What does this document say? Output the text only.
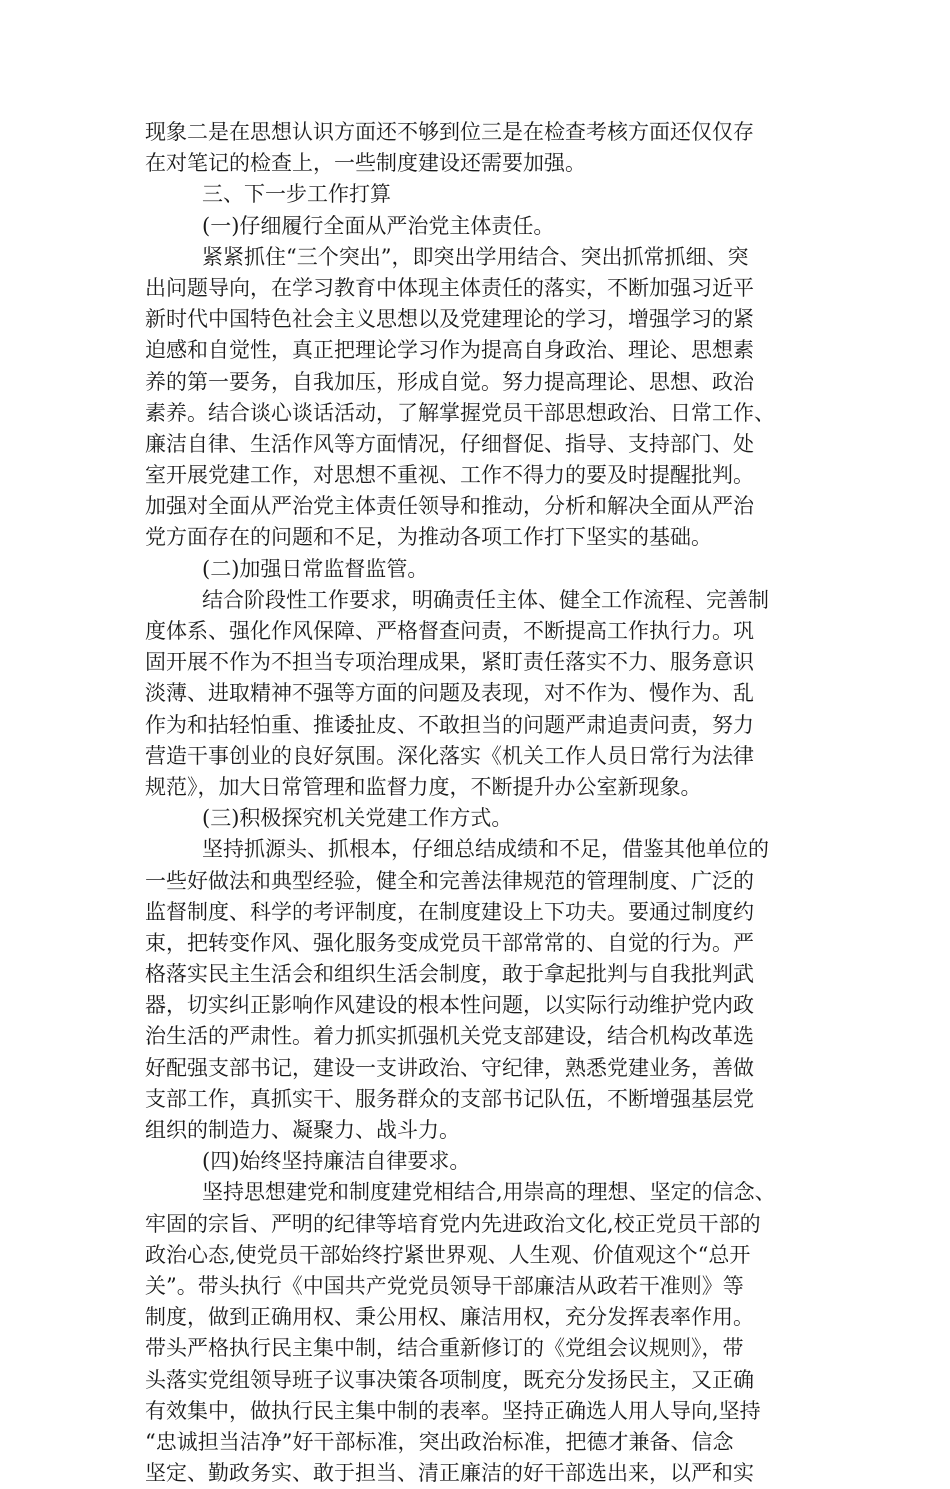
现象二是在思想认识方面还不够到位三是在检查考核方面还仅仅存
在对笔记的检查上，一些制度建设还需要加强。
三、下一步工作打算
(一)仔细履行全面从严治党主体责任。
紧紧抓住“三个突出”，即突出学用结合、突出抓常抓细、突
出问题导向，在学习教育中体现主体责任的落实，不断加强习近平
新时代中国特色社会主义思想以及党建理论的学习，增强学习的紧
迫感和自觉性，真正把理论学习作为提高自身政治、理论、思想素
养的第一要务，自我加压，形成自觉。努力提高理论、思想、政治
素养。结合谈心谈话活动，了解掌握党员干部思想政治、日常工作、
廉洁自律、生活作风等方面情况，仔细督促、指导、支持部门、处
室开展党建工作，对思想不重视、工作不得力的要及时提醒批判。
加强对全面从严治党主体责任领导和推动，分析和解决全面从严治
党方面存在的问题和不足，为推动各项工作打下坚实的基础。
(二)加强日常监督监管。
结合阶段性工作要求，明确责任主体、健全工作流程、完善制
度体系、强化作风保障、严格督查问责，不断提高工作执行力。巩
固开展不作为不担当专项治理成果，紧盯责任落实不力、服务意识
淡薄、进取精神不强等方面的问题及表现，对不作为、慢作为、乱
作为和拈轻怕重、推诿扯皮、不敢担当的问题严肃追责问责，努力
营造干事创业的良好氛围。深化落实《机关工作人员日常行为法律
规范》，加大日常管理和监督力度，不断提升办公室新现象。
(三)积极探究机关党建工作方式。
坚持抓源头、抓根本，仔细总结成绩和不足，借鉴其他单位的
一些好做法和典型经验，健全和完善法律规范的管理制度、广泛的
监督制度、科学的考评制度，在制度建设上下功夫。要通过制度约
束，把转变作风、强化服务变成党员干部常常的、自觉的行为。严
格落实民主生活会和组织生活会制度，敢于拿起批判与自我批判武
器，切实纠正影响作风建设的根本性问题，以实际行动维护党内政
治生活的严肃性。着力抓实抓强机关党支部建设，结合机构改革选
好配强支部书记，建设一支讲政治、守纪律，熟悉党建业务，善做
支部工作，真抓实干、服务群众的支部书记队伍，不断增强基层党
组织的制造力、凝聚力、战斗力。
(四)始终坚持廉洁自律要求。
坚持思想建党和制度建党相结合,用崇高的理想、坚定的信念、
牢固的宗旨、严明的纪律等培育党内先进政治文化,校正党员干部的
政治心态,使党员干部始终拧紧世界观、人生观、价值观这个“总开
关”。带头执行《中国共产党党员领导干部廉洁从政若干准则》等
制度，做到正确用权、秉公用权、廉洁用权，充分发挥表率作用。
带头严格执行民主集中制，结合重新修订的《党组会议规则》，带
头落实党组领导班子议事决策各项制度，既充分发扬民主，又正确
有效集中，做执行民主集中制的表率。坚持正确选人用人导向,坚持
“忠诚担当洁净”好干部标准，突出政治标准，把德才兼备、信念
坚定、勤政务实、敢于担当、清正廉洁的好干部选出来，以严和实
